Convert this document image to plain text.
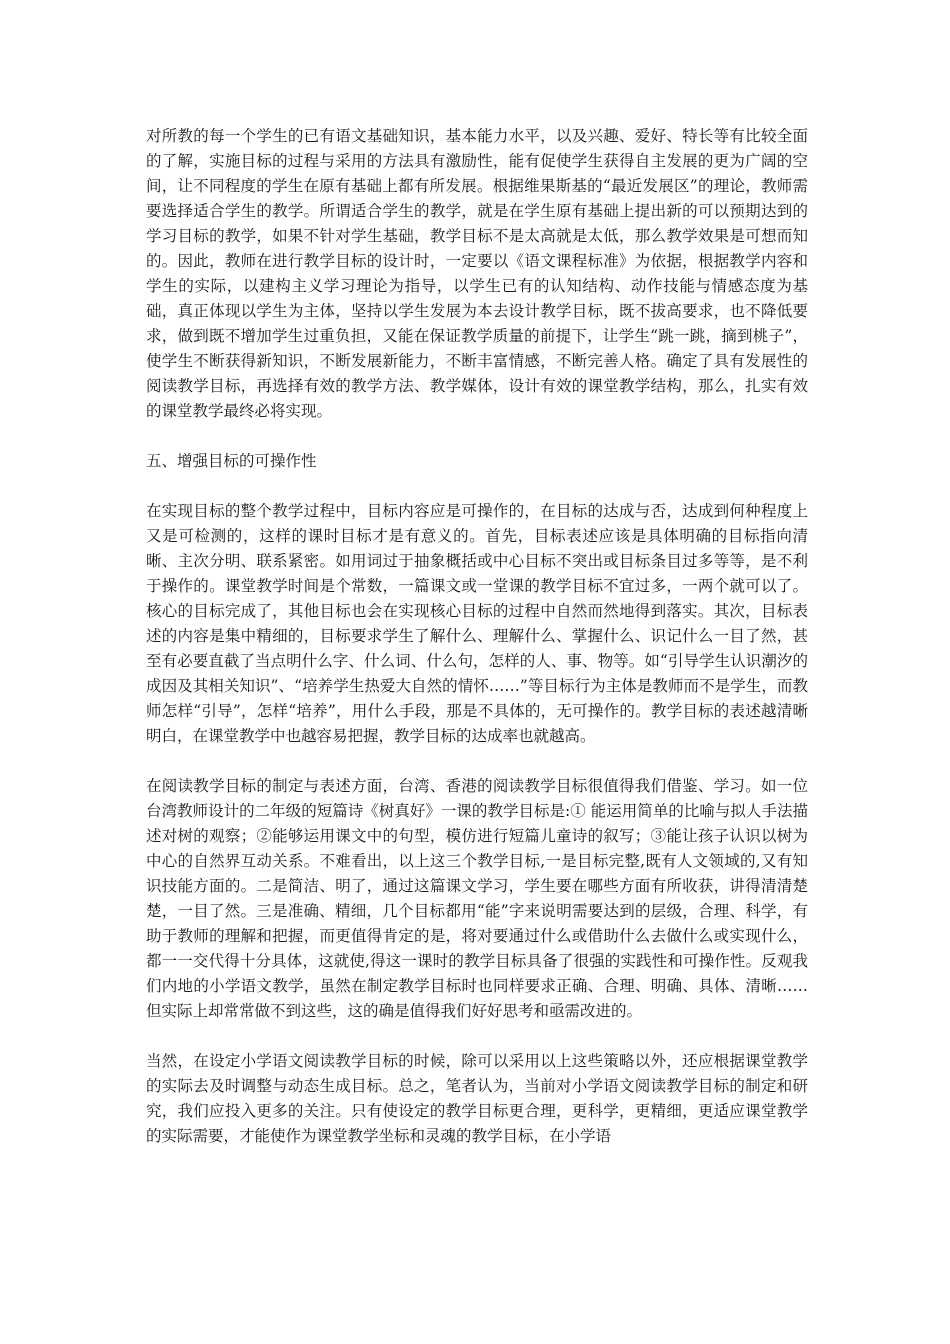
对所教的每一个学生的已有语文基础知识，基本能力水平，以及兴趣、爱好、特长等有比较全面的了解，实施目标的过程与采用的方法具有激励性，能有促使学生获得自主发展的更为广阔的空间，让不同程度的学生在原有基础上都有所发展。根据维果斯基的“最近发展区”的理论，教师需要选择适合学生的教学。所谓适合学生的教学，就是在学生原有基础上提出新的可以预期达到的学习目标的教学，如果不针对学生基础，教学目标不是太高就是太低，那么教学效果是可想而知的。因此，教师在进行教学目标的设计时，一定要以《语文课程标准》为依据，根据教学内容和学生的实际，以建构主义学习理论为指导，以学生已有的认知结构、动作技能与情感态度为基础，真正体现以学生为主体，坚持以学生发展为本去设计教学目标，既不拔高要求，也不降低要求，做到既不增加学生过重负担，又能在保证教学质量的前提下，让学生“跳一跳，摘到桃子”，使学生不断获得新知识，不断发展新能力，不断丰富情感，不断完善人格。确定了具有发展性的阅读教学目标，再选择有效的教学方法、教学媒体，设计有效的课堂教学结构，那么，扎实有效的课堂教学最终必将实现。

五、增强目标的可操作性

在实现目标的整个教学过程中，目标内容应是可操作的，在目标的达成与否，达成到何种程度上又是可检测的，这样的课时目标才是有意义的。首先，目标表述应该是具体明确的目标指向清晰、主次分明、联系紧密。如用词过于抽象概括或中心目标不突出或目标条目过多等等，是不利于操作的。课堂教学时间是个常数，一篇课文或一堂课的教学目标不宜过多，一两个就可以了。核心的目标完成了，其他目标也会在实现核心目标的过程中自然而然地得到落实。其次，目标表述的内容是集中精细的，目标要求学生了解什么、理解什么、掌握什么、识记什么一目了然，甚至有必要直截了当点明什么字、什么词、什么句，怎样的人、事、物等。如“引导学生认识潮汐的成因及其相关知识”、“培养学生热爱大自然的情怀……”等目标行为主体是教师而不是学生，而教师怎样“引导”，怎样“培养”，用什么手段，那是不具体的，无可操作的。教学目标的表述越清晰明白，在课堂教学中也越容易把握，教学目标的达成率也就越高。

在阅读教学目标的制定与表述方面，台湾、香港的阅读教学目标很值得我们借鉴、学习。如一位台湾教师设计的二年级的短篇诗《树真好》一课的教学目标是:① 能运用简单的比喻与拟人手法描述对树的观察；②能够运用课文中的句型，模仿进行短篇儿童诗的叙写；③能让孩子认识以树为中心的自然界互动关系。不难看出，以上这三个教学目标,一是目标完整,既有人文领域的,又有知识技能方面的。二是简洁、明了，通过这篇课文学习，学生要在哪些方面有所收获，讲得清清楚楚，一目了然。三是准确、精细，几个目标都用“能”字来说明需要达到的层级，合理、科学，有助于教师的理解和把握，而更值得肯定的是，将对要通过什么或借助什么去做什么或实现什么，都一一交代得十分具体，这就使,得这一课时的教学目标具备了很强的实践性和可操作性。反观我们内地的小学语文教学，虽然在制定教学目标时也同样要求正确、合理、明确、具体、清晰……但实际上却常常做不到这些，这的确是值得我们好好思考和亟需改进的。

当然，在设定小学语文阅读教学目标的时候，除可以采用以上这些策略以外，还应根据课堂教学的实际去及时调整与动态生成目标。总之，笔者认为，当前对小学语文阅读教学目标的制定和研究，我们应投入更多的关注。只有使设定的教学目标更合理，更科学，更精细，更适应课堂教学的实际需要，才能使作为课堂教学坐标和灵魂的教学目标，在小学语
